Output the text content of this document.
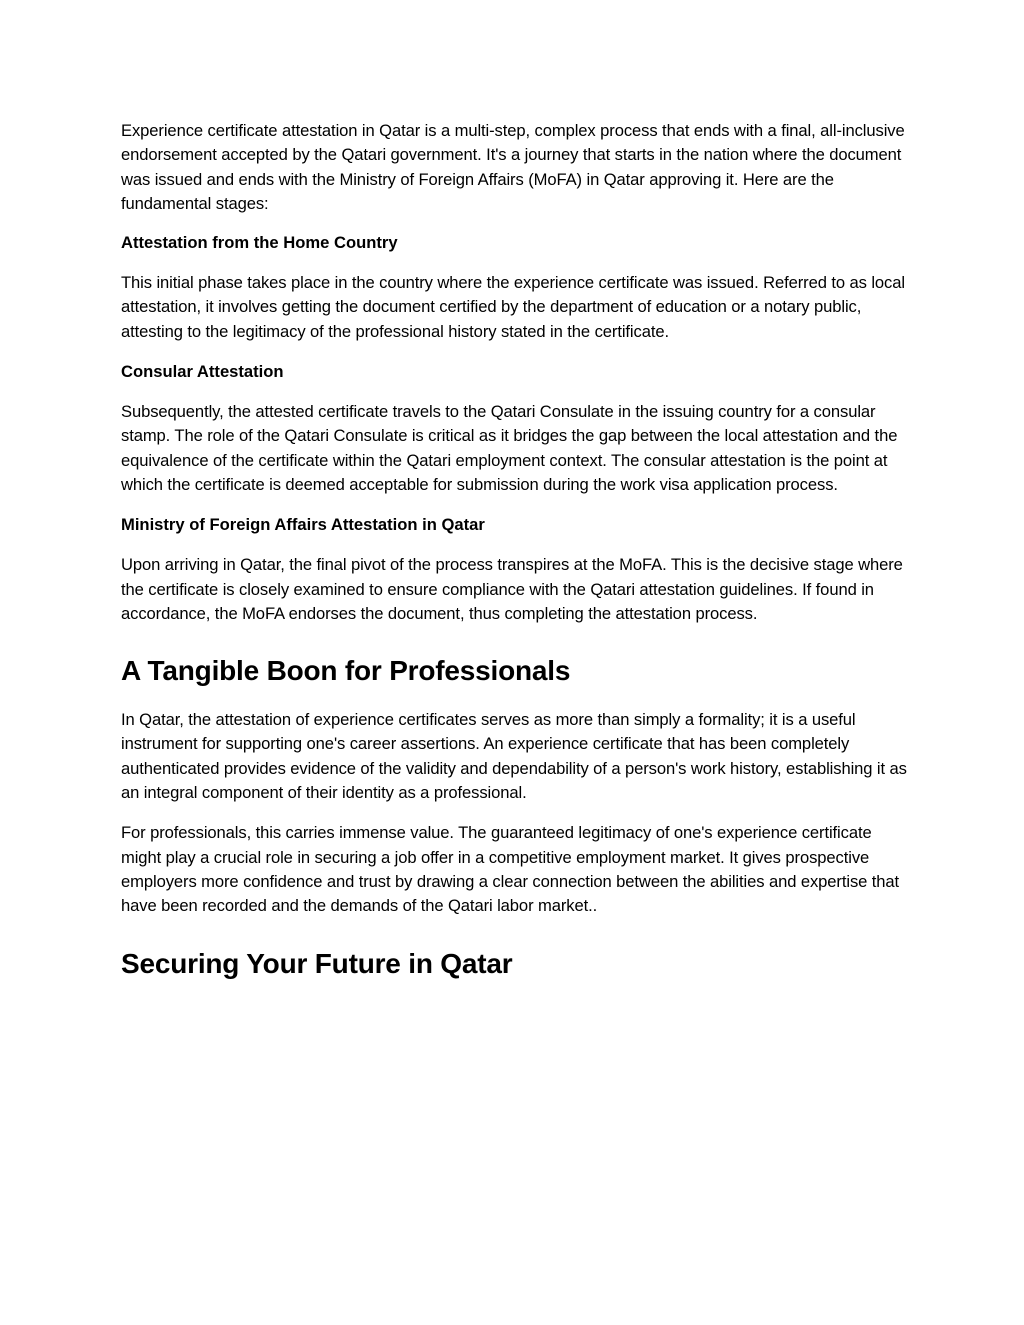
Experience certificate attestation in Qatar is a multi-step, complex process that ends with a final, all-inclusive endorsement accepted by the Qatari government. It's a journey that starts in the nation where the document was issued and ends with the Ministry of Foreign Affairs (MoFA) in Qatar approving it. Here are the fundamental stages:

Attestation from the Home Country

This initial phase takes place in the country where the experience certificate was issued. Referred to as local attestation, it involves getting the document certified by the department of education or a notary public, attesting to the legitimacy of the professional history stated in the certificate.

Consular Attestation

Subsequently, the attested certificate travels to the Qatari Consulate in the issuing country for a consular stamp. The role of the Qatari Consulate is critical as it bridges the gap between the local attestation and the equivalence of the certificate within the Qatari employment context. The consular attestation is the point at which the certificate is deemed acceptable for submission during the work visa application process.

Ministry of Foreign Affairs Attestation in Qatar

Upon arriving in Qatar, the final pivot of the process transpires at the MoFA. This is the decisive stage where the certificate is closely examined to ensure compliance with the Qatari attestation guidelines. If found in accordance, the MoFA endorses the document, thus completing the attestation process.

A Tangible Boon for Professionals

In Qatar, the attestation of experience certificates serves as more than simply a formality; it is a useful instrument for supporting one's career assertions. An experience certificate that has been completely authenticated provides evidence of the validity and dependability of a person's work history, establishing it as an integral component of their identity as a professional.

For professionals, this carries immense value. The guaranteed legitimacy of one's experience certificate might play a crucial role in securing a job offer in a competitive employment market. It gives prospective employers more confidence and trust by drawing a clear connection between the abilities and expertise that have been recorded and the demands of the Qatari labor market..

Securing Your Future in Qatar
